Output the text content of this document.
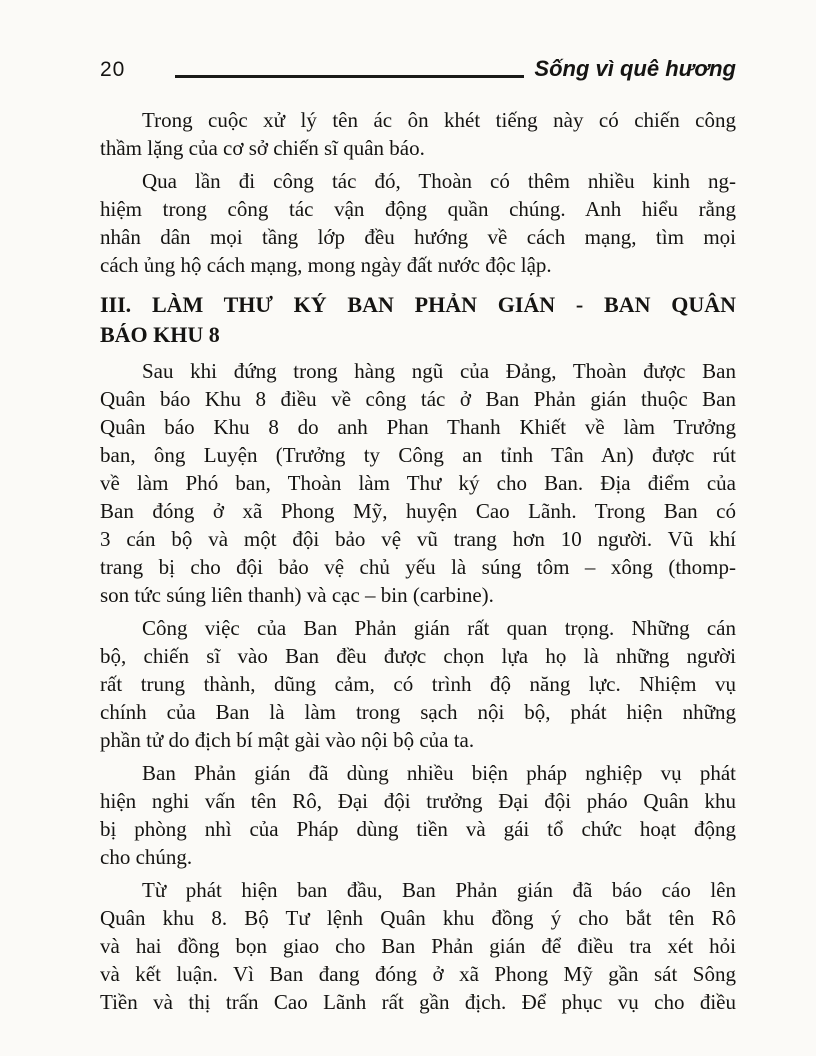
20	Sống vì quê hương
Trong cuộc xử lý tên ác ôn khét tiếng này có chiến công
thầm lặng của cơ sở chiến sĩ quân báo.
Qua lần đi công tác đó, Thoàn có thêm nhiều kinh ng-
hiệm trong công tác vận động quần chúng. Anh hiểu rằng
nhân dân mọi tầng lớp đều hướng về cách mạng, tìm mọi
cách ủng hộ cách mạng, mong ngày đất nước độc lập.
III. LÀM THƯ KÝ BAN PHẢN GIÁN - BAN QUÂN
BÁO KHU 8
Sau khi đứng trong hàng ngũ của Đảng, Thoàn được Ban
Quân báo Khu 8 điều về công tác ở Ban Phản gián thuộc Ban
Quân báo Khu 8 do anh Phan Thanh Khiết về làm Trưởng
ban, ông Luyện (Trưởng ty Công an tỉnh Tân An) được rút
về làm Phó ban, Thoàn làm Thư ký cho Ban. Địa điểm của
Ban đóng ở xã Phong Mỹ, huyện Cao Lãnh. Trong Ban có
3 cán bộ và một đội bảo vệ vũ trang hơn 10 người. Vũ khí
trang bị cho đội bảo vệ chủ yếu là súng tôm – xông (thomp-
son tức súng liên thanh) và cạc – bin (carbine).
Công việc của Ban Phản gián rất quan trọng. Những cán
bộ, chiến sĩ vào Ban đều được chọn lựa họ là những người
rất trung thành, dũng cảm, có trình độ năng lực. Nhiệm vụ
chính của Ban là làm trong sạch nội bộ, phát hiện những
phần tử do địch bí mật gài vào nội bộ của ta.
Ban Phản gián đã dùng nhiều biện pháp nghiệp vụ phát
hiện nghi vấn tên Rô, Đại đội trưởng Đại đội pháo Quân khu
bị phòng nhì của Pháp dùng tiền và gái tổ chức hoạt động
cho chúng.
Từ phát hiện ban đầu, Ban Phản gián đã báo cáo lên
Quân khu 8. Bộ Tư lệnh Quân khu đồng ý cho bắt tên Rô
và hai đồng bọn giao cho Ban Phản gián để điều tra xét hỏi
và kết luận. Vì Ban đang đóng ở xã Phong Mỹ gần sát Sông
Tiền và thị trấn Cao Lãnh rất gần địch. Để phục vụ cho điều
